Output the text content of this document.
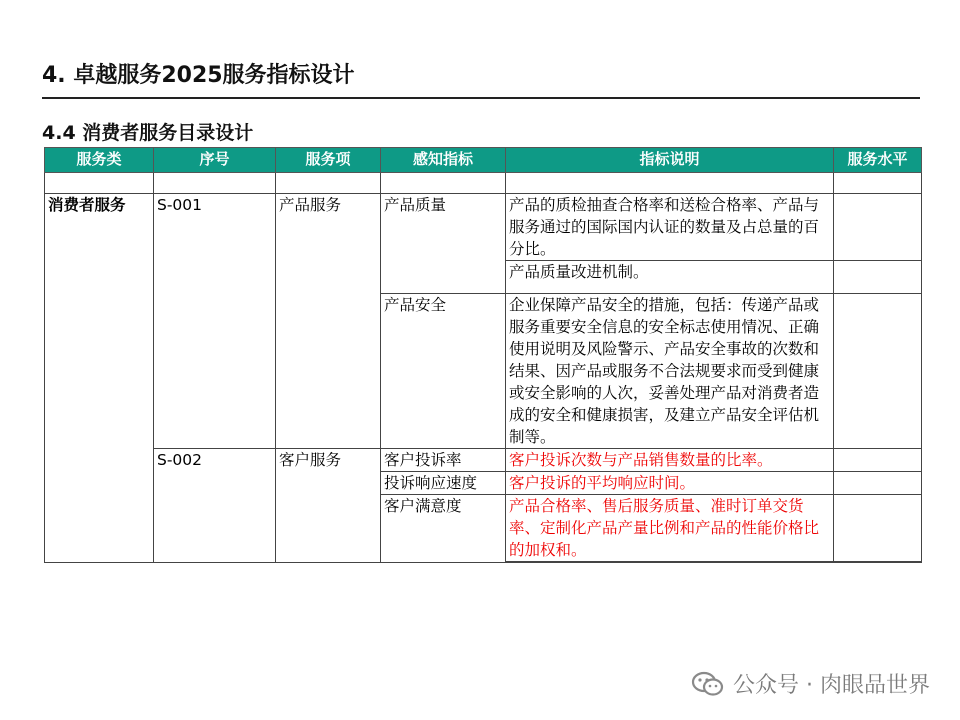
4. 卓越服务2025服务指标设计
4.4 消费者服务目录设计
服务类	序号	服务项	感知指标	指标说明	服务水平

消费者服务	S-001	产品服务	产品质量	产品的质检抽查合格率和送检合格率、产品与服务通过的国际国内认证的数量及占总量的百分比。	
				产品质量改进机制。	
			产品安全	企业保障产品安全的措施，包括：传递产品或服务重要安全信息的安全标志使用情况、正确使用说明及风险警示、产品安全事故的次数和结果、因产品或服务不合法规要求而受到健康或安全影响的人次，妥善处理产品对消费者造成的安全和健康损害，及建立产品安全评估机制等。	
	S-002	客户服务	客户投诉率	客户投诉次数与产品销售数量的比率。	
			投诉响应速度	客户投诉的平均响应时间。	
			客户满意度	产品合格率、售后服务质量、准时订单交货率、定制化产品产量比例和产品的性能价格比的加权和。	

公众号 · 肉眼品世界
